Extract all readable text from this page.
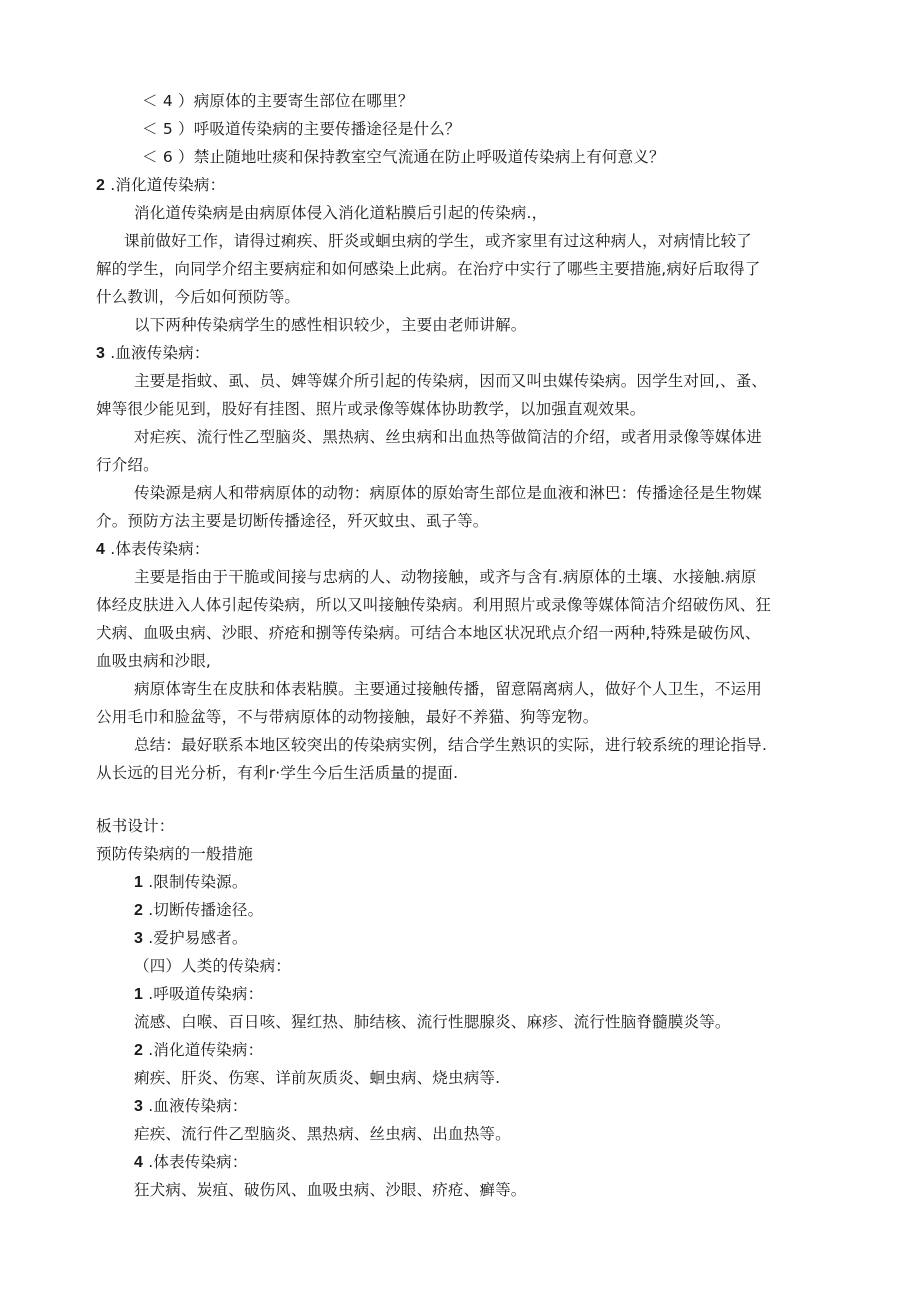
＜ 4 ）病原体的主要寄生部位在哪里？
＜ 5 ）呼吸道传染病的主要传播途径是什么？
＜ 6 ）禁止随地吐痰和保持教室空气流通在防止呼吸道传染病上有何意义？
2 .消化道传染病：
消化道传染病是由病原体侵入消化道粘膜后引起的传染病.，
课前做好工作，请得过痢疾、肝炎或蛔虫病的学生，或齐家里有过这种病人，对病情比较了
解的学生，向同学介绍主要病症和如何感染上此病。在治疗中实行了哪些主要措施,病好后取得了
什么教训，今后如何预防等。
以下两种传染病学生的感性相识较少，主要由老师讲解。
3 .血液传染病：
主要是指蚊、虱、员、婢等媒介所引起的传染病，因而又叫虫媒传染病。因学生对回,、蚤、
婢等很少能见到，股好有挂图、照片或录像等媒体协助教学，以加强直观效果。
对疟疾、流行性乙型脑炎、黑热病、丝虫病和出血热等做简洁的介绍，或者用录像等媒体进
行介绍。
传染源是病人和带病原体的动物：病原体的原始寄生部位是血液和淋巴：传播途径是生物媒
介。预防方法主要是切断传播途径，歼灭蚊虫、虱子等。
4 .体表传染病：
主要是指由于干脆或间接与忠病的人、动物接触，或齐与含有.病原体的土壤、水接触.病原
体经皮肤进入人体引起传染病，所以又叫接触传染病。利用照片或录像等媒体简洁介绍破伤风、狂
犬病、血吸虫病、沙眼、疥疮和捌等传染病。可结合本地区状况玳点介绍一两种,特殊是破伤风、
血吸虫病和沙眼,
病原体寄生在皮肤和体表粘膜。主要通过接触传播，留意隔离病人，做好个人卫生，不运用
公用毛巾和脸盆等，不与带病原体的动物接触，最好不养猫、狗等宠物。
总结：最好联系本地区较突出的传染病实例，结合学生熟识的实际，进行较系统的理论指导.
从长远的目光分析，有利r·学生今后生活质量的提面.
板书设计：
预防传染病的一般措施
1 .限制传染源。
2 .切断传播途径。
3 .爱护易感者。
（四）人类的传染病：
1 .呼吸道传染病：
流感、白喉、百日咳、猩红热、肺结核、流行性腮腺炎、麻疹、流行性脑脊髓膜炎等。
2 .消化道传染病：
痢疾、肝炎、伤寒、详前灰质炎、蛔虫病、烧虫病等.
3 .血液传染病：
疟疾、流行件乙型脑炎、黑热病、丝虫病、出血热等。
4 .体表传染病：
狂犬病、炭疽、破伤风、血吸虫病、沙眼、疥疮、癣等。
